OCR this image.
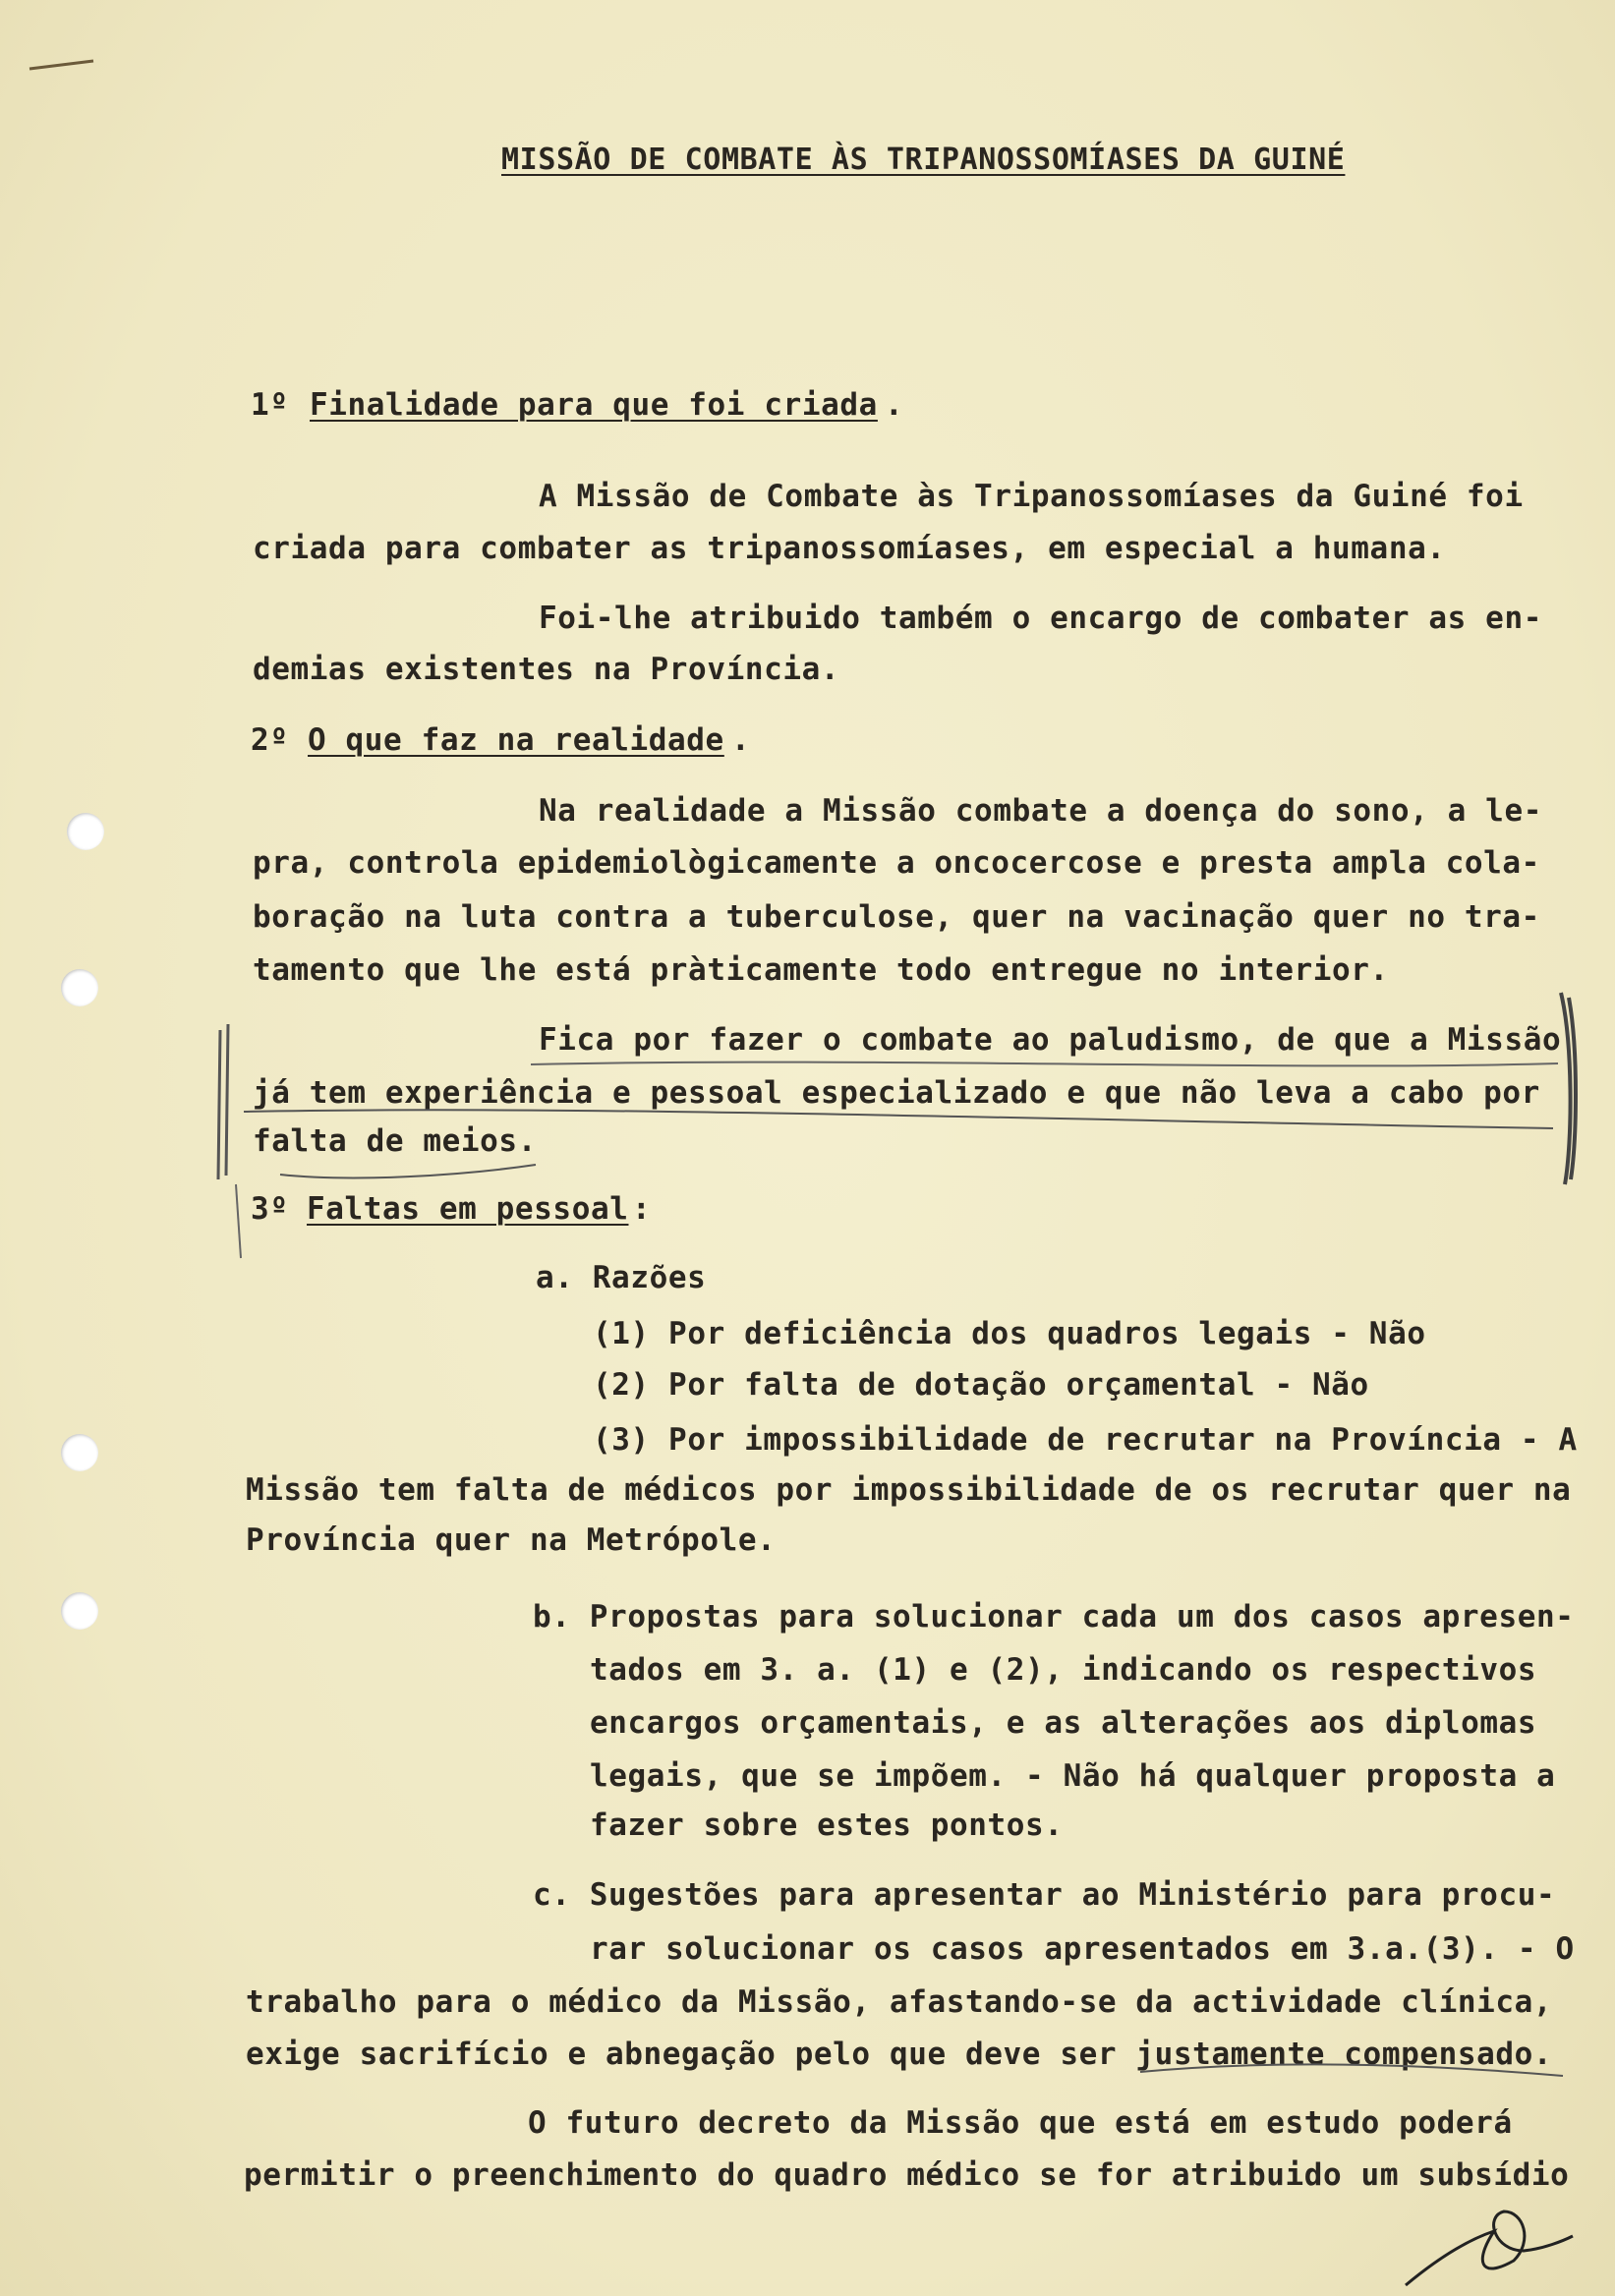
MISSÃO DE COMBATE ÀS TRIPANOSSOMÍASES DA GUINÉ
1º Finalidade para que foi criada .
A Missão de Combate às Tripanossomíases da Guiné foi
criada para combater as tripanossomíases, em especial a humana.
Foi-lhe atribuido também o encargo de combater as en-
demias existentes na Província.
2º O que faz na realidade .
Na realidade a Missão combate a doença do sono, a le-
pra, controla epidemiològicamente a oncocercose e presta ampla cola-
boração na luta contra a tuberculose, quer na vacinação quer no tra-
tamento que lhe está pràticamente todo entregue no interior.
Fica por fazer o combate ao paludismo, de que a Missão
já tem experiência e pessoal especializado e que não leva a cabo por
falta de meios.
3º Faltas em pessoal :
a. Razões
(1) Por deficiência dos quadros legais - Não
(2) Por falta de dotação orçamental - Não
(3) Por impossibilidade de recrutar na Província - A
Missão tem falta de médicos por impossibilidade de os recrutar quer na
Província quer na Metrópole.
b. Propostas para solucionar cada um dos casos apresen-
tados em 3. a. (1) e (2), indicando os respectivos
encargos orçamentais, e as alterações aos diplomas
legais, que se impõem. - Não há qualquer proposta a
fazer sobre estes pontos.
c. Sugestões para apresentar ao Ministério para procu-
rar solucionar os casos apresentados em 3.a.(3). - O
trabalho para o médico da Missão, afastando-se da actividade clínica,
exige sacrifício e abnegação pelo que deve ser justamente compensado.
O futuro decreto da Missão que está em estudo poderá
permitir o preenchimento do quadro médico se for atribuido um subsídio
